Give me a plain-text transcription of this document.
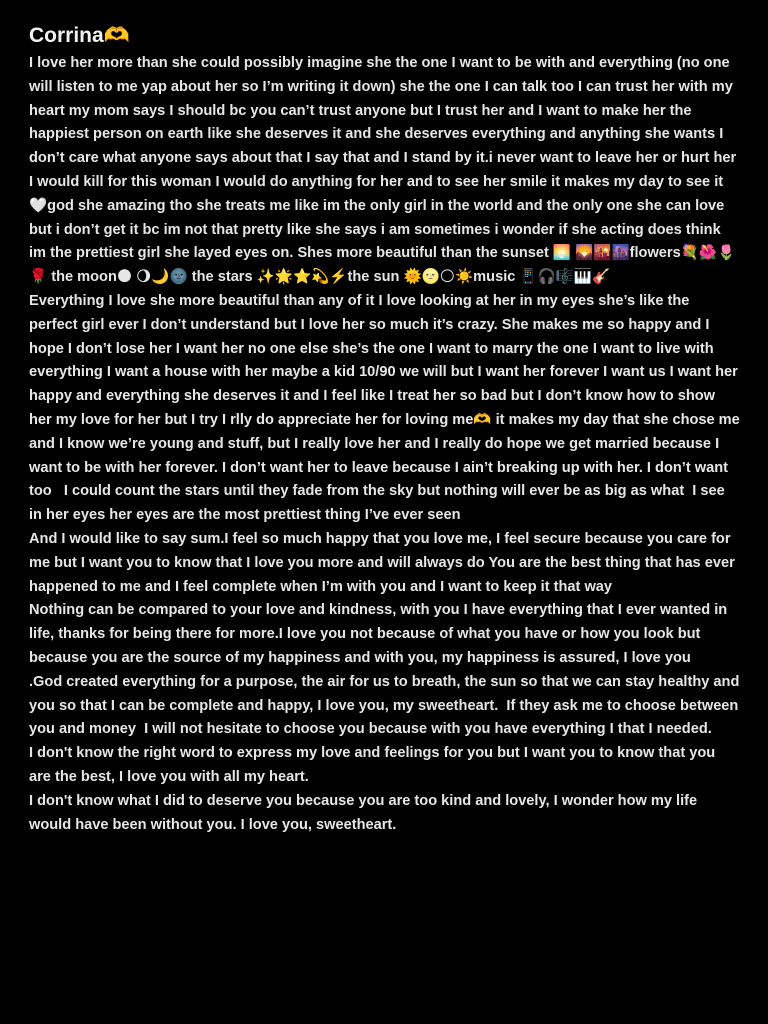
Corrina🫶

I love her more than she could possibly imagine she the one I want to be with and everything (no one will listen to me yap about her so I’m writing it down) she the one I can talk too I can trust her with my heart my mom says I should bc you can’t trust anyone but I trust her and I want to make her the happiest person on earth like she deserves it and she deserves everything and anything she wants I don’t care what anyone says about that I say that and I stand by it.i never want to leave her or hurt her I would kill for this woman I would do anything for her and to see her smile it makes my day to see it🤍god she amazing tho she treats me like im the only girl in the world and the only one she can love but i don’t get it bc im not that pretty like she says i am sometimes i wonder if she acting does think im the prettiest girl she layed eyes on. Shes more beautiful than the sunset 🌅 🌄🌇🌆flowers💐🌺🌷🌹 the moon🌑 🌖🌙🌚 the stars ✨🌟⭐️💫⚡️the sun 🌞🌝🌕☀️music 📱🎧🎼🎹🎸

Everything I love she more beautiful than any of it I love looking at her in my eyes she’s like the perfect girl ever I don’t understand but I love her so much it’s crazy. She makes me so happy and I hope I don’t lose her I want her no one else she’s the one I want to marry the one I want to live with everything I want a house with her maybe a kid 10/90 we will but I want her forever I want us I want her happy and everything she deserves it and I feel like I treat her so bad but I don’t know how to show her my love for her but I try I rlly do appreciate her for loving me🫶 it makes my day that she chose me and I know we’re young and stuff, but I really love her and I really do hope we get married because I want to be with her forever. I don’t want her to leave because I ain’t breaking up with her. I don’t want too   I could count the stars until they fade from the sky but nothing will ever be as big as what  I see in her eyes her eyes are the most prettiest thing I’ve ever seen

And I would like to say sum.I feel so much happy that you love me, I feel secure because you care for me but I want you to know that I love you more and will always do You are the best thing that has ever happened to me and I feel complete when I’m with you and I want to keep it that way

Nothing can be compared to your love and kindness, with you I have everything that I ever wanted in life, thanks for being there for more.I love you not because of what you have or how you look but because you are the source of my happiness and with you, my happiness is assured, I love you

.God created everything for a purpose, the air for us to breath, the sun so that we can stay healthy and you so that I can be complete and happy, I love you, my sweetheart.  If they ask me to choose between you and money  I will not hesitate to choose you because with you have everything I that I needed.

I don't know the right word to express my love and feelings for you but I want you to know that you are the best, I love you with all my heart.

I don't know what I did to deserve you because you are too kind and lovely, I wonder how my life would have been without you. I love you, sweetheart.
